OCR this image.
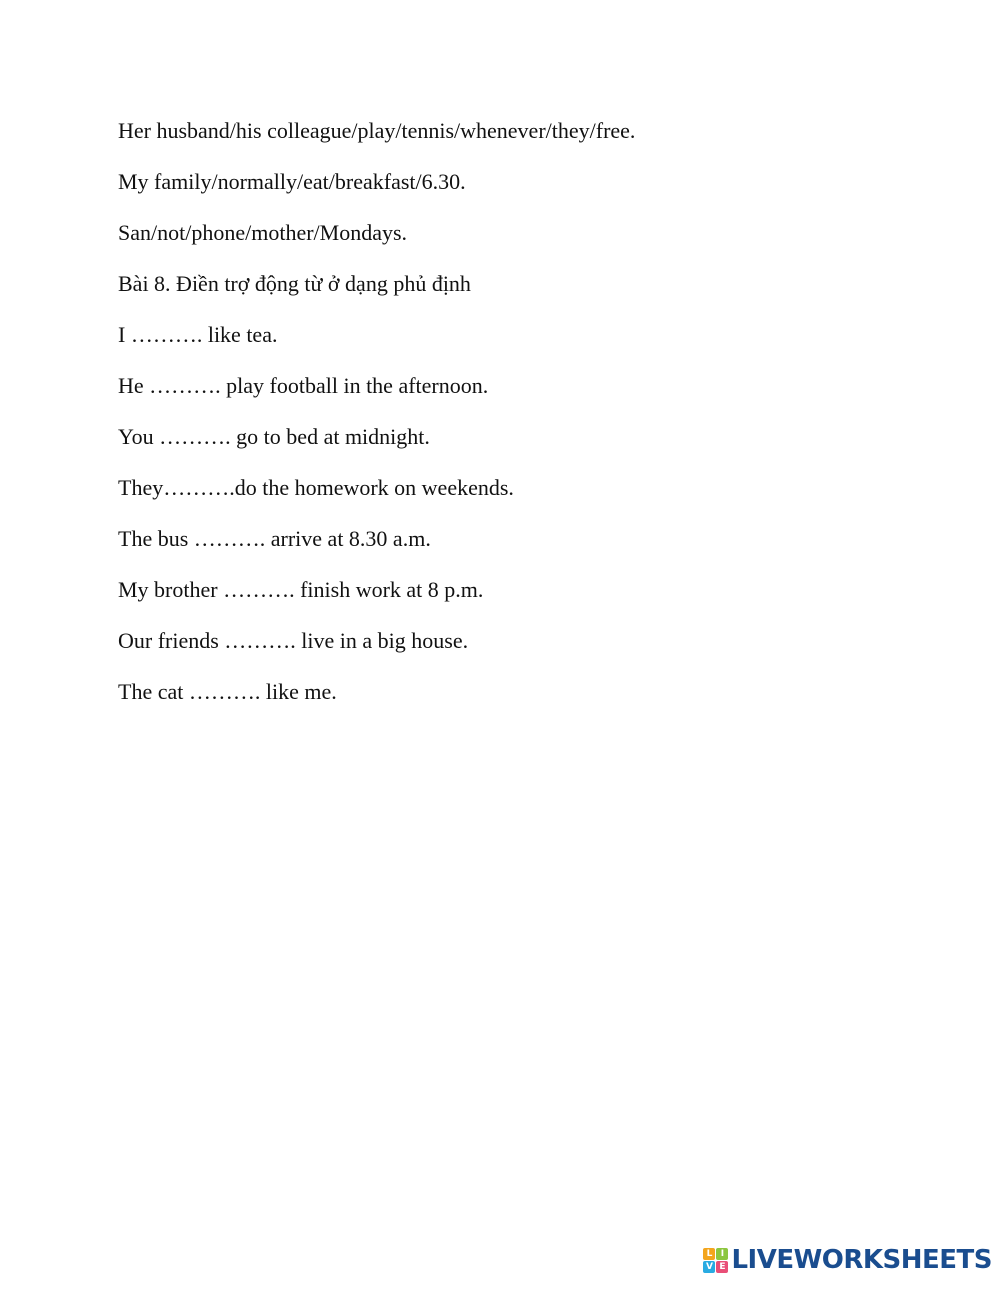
Her husband/his colleague/play/tennis/whenever/they/free.
My family/normally/eat/breakfast/6.30.
San/not/phone/mother/Mondays.
Bài 8. Điền trợ động từ ở dạng phủ định
I ………. like tea.
He ………. play football in the afternoon.
You ………. go to bed at midnight.
They……….do the homework on weekends.
The bus ………. arrive at 8.30 a.m.
My brother ………. finish work at 8 p.m.
Our friends ………. live in a big house.
The cat ………. like me.
L I
V E LIVEWORKSHEETS
